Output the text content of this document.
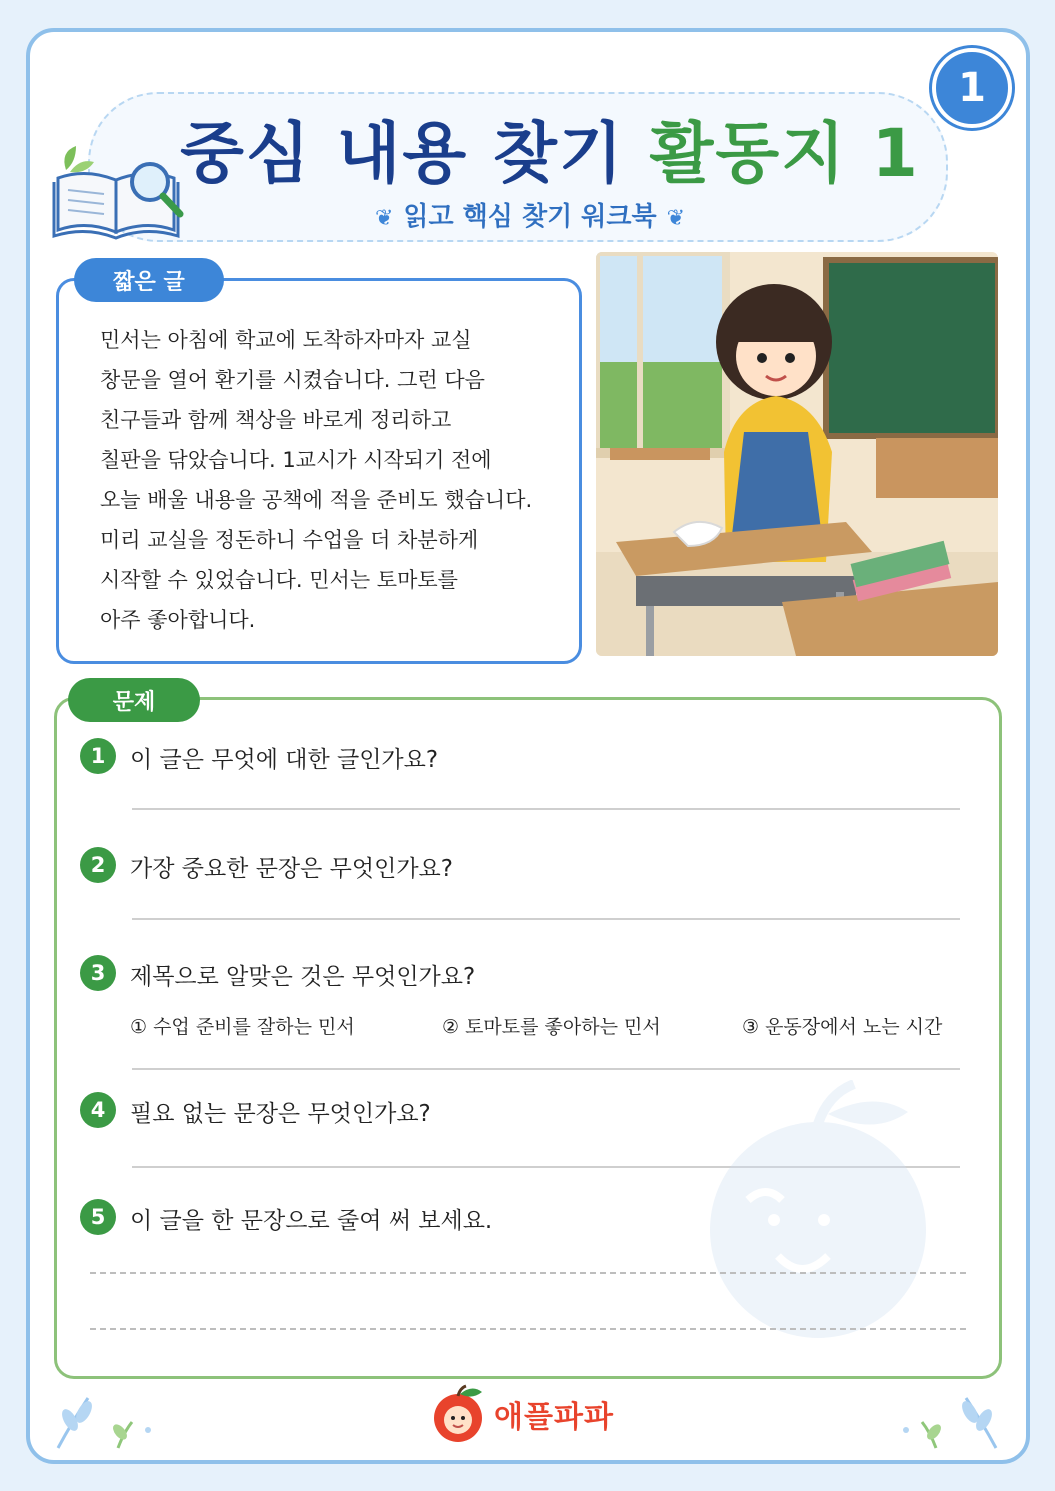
중심 내용 찾기 활동지 1
❦ 읽고 핵심 찾기 워크북 ❦
1
짧은 글

민서는 아침에 학교에 도착하자마자 교실

창문을 열어 환기를 시켰습니다. 그런 다음

친구들과 함께 책상을 바로게 정리하고

칠판을 닦았습니다. 1교시가 시작되기 전에

오늘 배울 내용을 공책에 적을 준비도 했습니다.

미리 교실을 정돈하니 수업을 더 차분하게

시작할 수 있었습니다. 민서는 토마토를

아주 좋아합니다.

문제
1	이 글은 무엇에 대한 글인가요?
2	가장 중요한 문장은 무엇인가요?
3	제목으로 알맞은 것은 무엇인가요?
① 수업 준비를 잘하는 민서	② 토마토를 좋아하는 민서	③ 운동장에서 노는 시간
4	필요 없는 문장은 무엇인가요?
5	이 글을 한 문장으로 줄여 써 보세요.
애플파파
